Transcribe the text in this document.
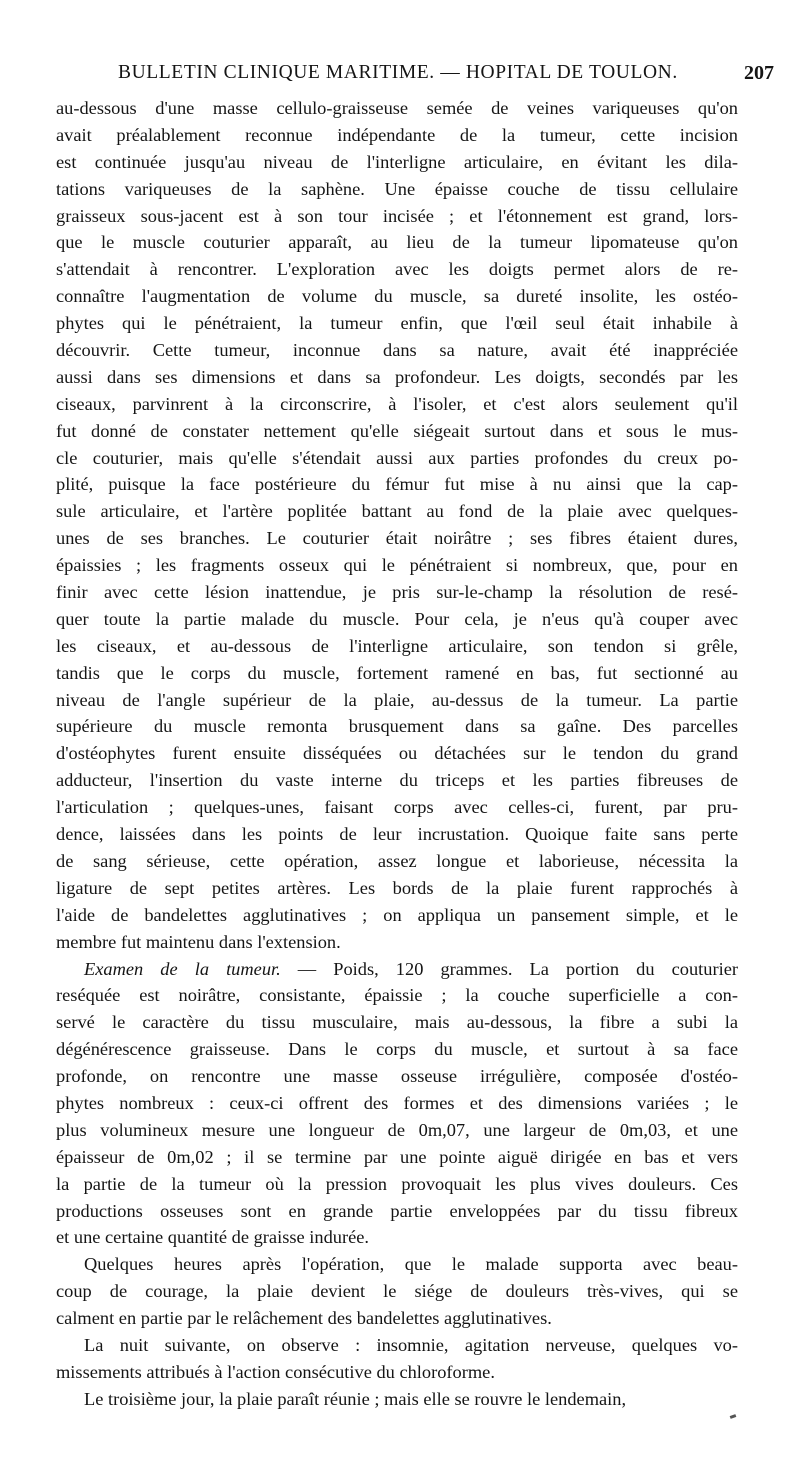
BULLETIN CLINIQUE MARITIME. — HOPITAL DE TOULON.	207
au-dessous d'une masse cellulo-graisseuse semée de veines variqueuses qu'on
avait préalablement reconnue indépendante de la tumeur, cette incision
est continuée jusqu'au niveau de l'interligne articulaire, en évitant les dila-
tations variqueuses de la saphène. Une épaisse couche de tissu cellulaire
graisseux sous-jacent est à son tour incisée ; et l'étonnement est grand, lors-
que le muscle couturier apparaît, au lieu de la tumeur lipomateuse qu'on
s'attendait à rencontrer. L'exploration avec les doigts permet alors de re-
connaître l'augmentation de volume du muscle, sa dureté insolite, les ostéo-
phytes qui le pénétraient, la tumeur enfin, que l'œil seul était inhabile à
découvrir. Cette tumeur, inconnue dans sa nature, avait été inappréciée
aussi dans ses dimensions et dans sa profondeur. Les doigts, secondés par les
ciseaux, parvinrent à la circonscrire, à l'isoler, et c'est alors seulement qu'il
fut donné de constater nettement qu'elle siégeait surtout dans et sous le mus-
cle couturier, mais qu'elle s'étendait aussi aux parties profondes du creux po-
plité, puisque la face postérieure du fémur fut mise à nu ainsi que la cap-
sule articulaire, et l'artère poplitée battant au fond de la plaie avec quelques-
unes de ses branches. Le couturier était noirâtre ; ses fibres étaient dures,
épaissies ; les fragments osseux qui le pénétraient si nombreux, que, pour en
finir avec cette lésion inattendue, je pris sur-le-champ la résolution de resé-
quer toute la partie malade du muscle. Pour cela, je n'eus qu'à couper avec
les ciseaux, et au-dessous de l'interligne articulaire, son tendon si grêle,
tandis que le corps du muscle, fortement ramené en bas, fut sectionné au
niveau de l'angle supérieur de la plaie, au-dessus de la tumeur. La partie
supérieure du muscle remonta brusquement dans sa gaîne. Des parcelles
d'ostéophytes furent ensuite disséquées ou détachées sur le tendon du grand
adducteur, l'insertion du vaste interne du triceps et les parties fibreuses de
l'articulation ; quelques-unes, faisant corps avec celles-ci, furent, par pru-
dence, laissées dans les points de leur incrustation. Quoique faite sans perte
de sang sérieuse, cette opération, assez longue et laborieuse, nécessita la
ligature de sept petites artères. Les bords de la plaie furent rapprochés à
l'aide de bandelettes agglutinatives ; on appliqua un pansement simple, et le
membre fut maintenu dans l'extension.
Examen de la tumeur. — Poids, 120 grammes. La portion du couturier
reséquée est noirâtre, consistante, épaissie ; la couche superficielle a con-
servé le caractère du tissu musculaire, mais au-dessous, la fibre a subi la
dégénérescence graisseuse. Dans le corps du muscle, et surtout à sa face
profonde, on rencontre une masse osseuse irrégulière, composée d'ostéo-
phytes nombreux : ceux-ci offrent des formes et des dimensions variées ; le
plus volumineux mesure une longueur de 0m,07, une largeur de 0m,03, et une
épaisseur de 0m,02 ; il se termine par une pointe aiguë dirigée en bas et vers
la partie de la tumeur où la pression provoquait les plus vives douleurs. Ces
productions osseuses sont en grande partie enveloppées par du tissu fibreux
et une certaine quantité de graisse indurée.
Quelques heures après l'opération, que le malade supporta avec beau-
coup de courage, la plaie devient le siége de douleurs très-vives, qui se
calment en partie par le relâchement des bandelettes agglutinatives.
La nuit suivante, on observe : insomnie, agitation nerveuse, quelques vo-
missements attribués à l'action consécutive du chloroforme.
Le troisième jour, la plaie paraît réunie ; mais elle se rouvre le lendemain,
